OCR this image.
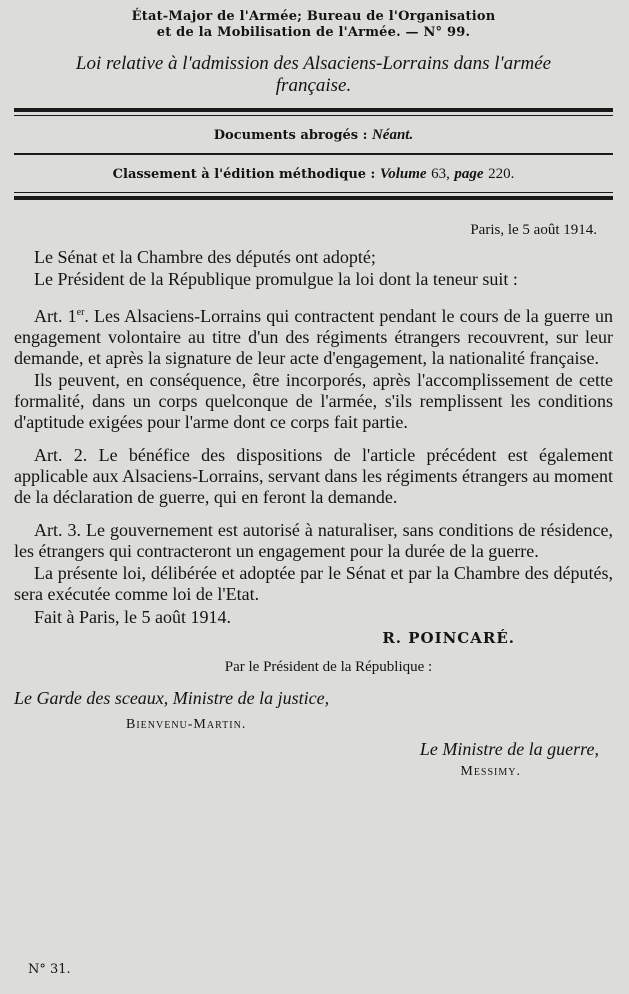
État-Major de l'Armée; Bureau de l'Organisation
et de la Mobilisation de l'Armée. — N° 99.
Loi relative à l'admission des Alsaciens-Lorrains dans l'armée
française.
Documents abrogés : Néant.
Classement à l'édition méthodique : Volume 63, page 220.
Paris, le 5 août 1914.

Le Sénat et la Chambre des députés ont adopté;

Le Président de la République promulgue la loi dont la teneur suit :

Art. 1er. Les Alsaciens-Lorrains qui contractent pendant le cours de la guerre un engagement volontaire au titre d'un des régiments étrangers recouvrent, sur leur demande, et après la signature de leur acte d'engagement, la nationalité française.

Ils peuvent, en conséquence, être incorporés, après l'accomplissement de cette formalité, dans un corps quelconque de l'armée, s'ils remplissent les conditions d'aptitude exigées pour l'arme dont ce corps fait partie.

Art. 2. Le bénéfice des dispositions de l'article précédent est également applicable aux Alsaciens-Lorrains, servant dans les régiments étrangers au moment de la déclaration de guerre, qui en feront la demande.

Art. 3. Le gouvernement est autorisé à naturaliser, sans conditions de résidence, les étrangers qui contracteront un engagement pour la durée de la guerre.

La présente loi, délibérée et adoptée par le Sénat et par la Chambre des députés, sera exécutée comme loi de l'Etat.

Fait à Paris, le 5 août 1914.
R. POINCARÉ.
Par le Président de la République :
Le Garde des sceaux, Ministre de la justice,
Bienvenu-Martin.
Le Ministre de la guerre,
Messimy.
N° 31.
